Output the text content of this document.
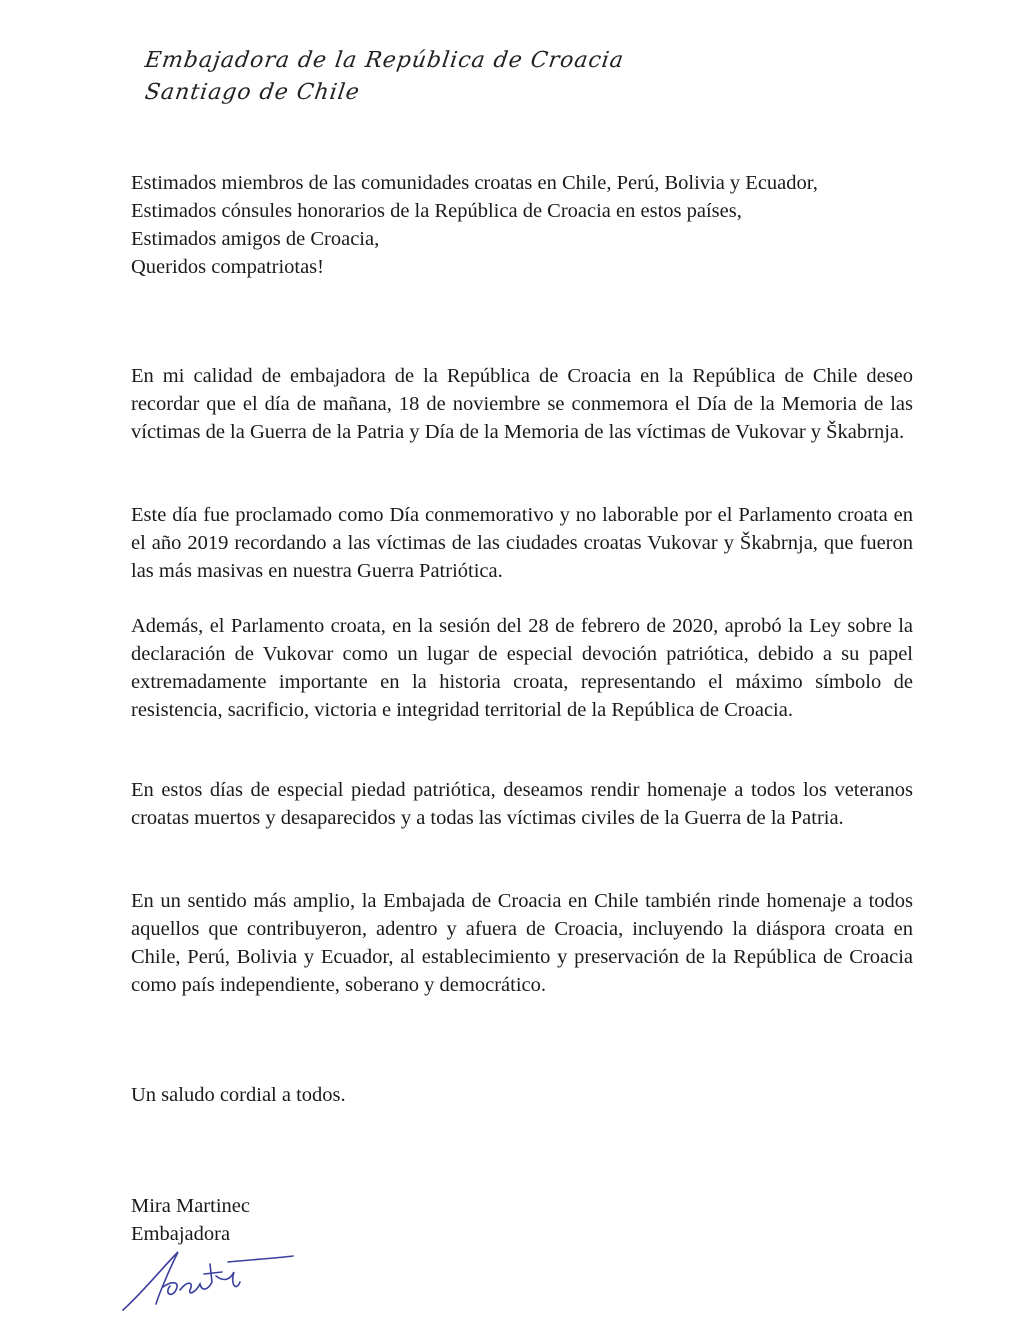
Embajadora de la República de Croacia
Santiago de Chile
Estimados miembros de las comunidades croatas en Chile, Perú, Bolivia y Ecuador,
Estimados cónsules honorarios de la República de Croacia en estos países,
Estimados amigos de Croacia,
Queridos compatriotas!

En mi calidad de embajadora de la República de Croacia en la República de Chile deseo recordar que el día de mañana, 18 de noviembre se conmemora el Día de la Memoria de las víctimas de la Guerra de la Patria y Día de la Memoria de las víctimas de Vukovar y Škabrnja.

Este día fue proclamado como Día conmemorativo y no laborable por el Parlamento croata en el año 2019 recordando a las víctimas de las ciudades croatas Vukovar y Škabrnja, que fueron las más masivas en nuestra Guerra Patriótica.

Además, el Parlamento croata, en la sesión del 28 de febrero de 2020, aprobó la Ley sobre la declaración de Vukovar como un lugar de especial devoción patriótica, debido a su papel extremadamente importante en la historia croata, representando el máximo símbolo de resistencia, sacrificio, victoria e integridad territorial de la República de Croacia.

En estos días de especial piedad patriótica, deseamos rendir homenaje a todos los veteranos croatas muertos y desaparecidos y a todas las víctimas civiles de la Guerra de la Patria.

En un sentido más amplio, la Embajada de Croacia en Chile también rinde homenaje a todos aquellos que contribuyeron, adentro y afuera de Croacia, incluyendo la diáspora croata en Chile, Perú, Bolivia y Ecuador, al establecimiento y preservación de la República de Croacia como país independiente, soberano y democrático.

Un saludo cordial a todos.

Mira Martinec

Embajadora
